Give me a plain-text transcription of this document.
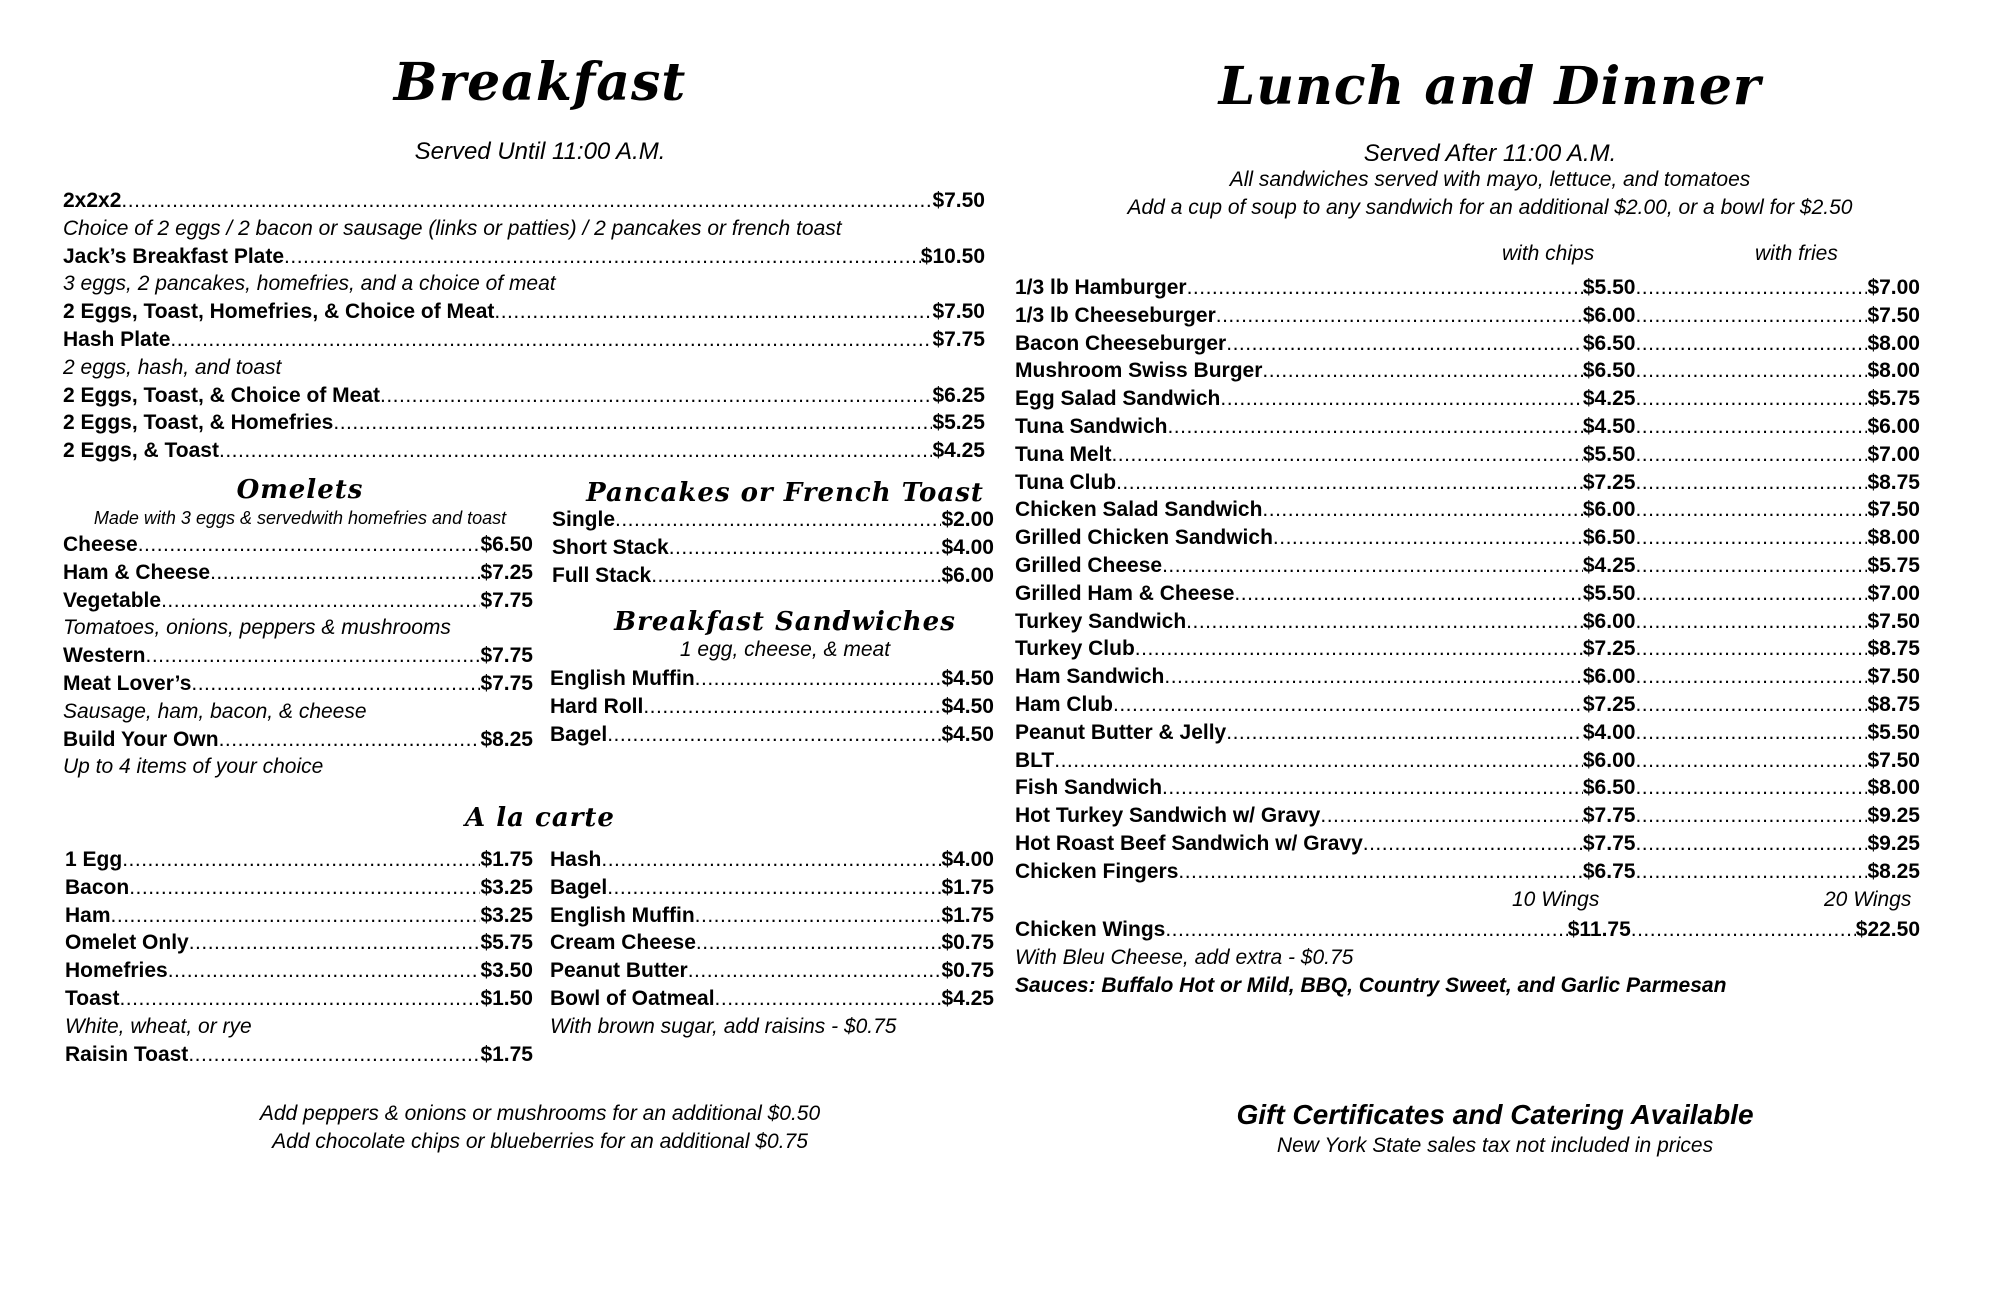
Breakfast
Served Until 11:00 A.M.
2x2x2 .....	$7.50
Choice of 2 eggs / 2 bacon or sausage (links or patties) / 2 pancakes or french toast
Jack’s Breakfast Plate .....	$10.50
3 eggs, 2 pancakes, homefries, and a choice of meat
2 Eggs, Toast, Homefries, & Choice of Meat .....	$7.50
Hash Plate .....	$7.75
2 eggs, hash, and toast
2 Eggs, Toast, & Choice of Meat .....	$6.25
2 Eggs, Toast, & Homefries .....	$5.25
2 Eggs, & Toast .....	$4.25
Omelets
Made with 3 eggs & servedwith homefries and toast
Cheese .....	$6.50
Ham & Cheese .....	$7.25
Vegetable .....	$7.75
Tomatoes, onions, peppers & mushrooms
Western .....	$7.75
Meat Lover’s .....	$7.75
Sausage, ham, bacon, & cheese
Build Your Own .....	$8.25
Up to 4 items of your choice
Pancakes or French Toast
Single .....	$2.00
Short Stack .....	$4.00
Full Stack .....	$6.00
Breakfast Sandwiches
1 egg, cheese, & meat
English Muffin .....	$4.50
Hard Roll .....	$4.50
Bagel .....	$4.50
A la carte
1 Egg .....	$1.75
Bacon .....	$3.25
Ham .....	$3.25
Omelet Only .....	$5.75
Homefries .....	$3.50
Toast .....	$1.50
White, wheat, or rye
Raisin Toast .....	$1.75
Hash .....	$4.00
Bagel .....	$1.75
English Muffin .....	$1.75
Cream Cheese .....	$0.75
Peanut Butter .....	$0.75
Bowl of Oatmeal .....	$4.25
With brown sugar, add raisins - $0.75
Add peppers & onions or mushrooms for an additional $0.50
Add chocolate chips or blueberries for an additional $0.75
Lunch and Dinner
Served After 11:00 A.M.
All sandwiches served with mayo, lettuce, and tomatoes
Add a cup of soup to any sandwich for an additional $2.00, or a bowl for $2.50
with chips	with fries
1/3 lb Hamburger .....	$5.50 .....	$7.00
1/3 lb Cheeseburger .....	$6.00 .....	$7.50
Bacon Cheeseburger .....	$6.50 .....	$8.00
Mushroom Swiss Burger .....	$6.50 .....	$8.00
Egg Salad Sandwich .....	$4.25 .....	$5.75
Tuna Sandwich .....	$4.50 .....	$6.00
Tuna Melt .....	$5.50 .....	$7.00
Tuna Club .....	$7.25 .....	$8.75
Chicken Salad Sandwich .....	$6.00 .....	$7.50
Grilled Chicken Sandwich .....	$6.50 .....	$8.00
Grilled Cheese .....	$4.25 .....	$5.75
Grilled Ham & Cheese .....	$5.50 .....	$7.00
Turkey Sandwich .....	$6.00 .....	$7.50
Turkey Club .....	$7.25 .....	$8.75
Ham Sandwich .....	$6.00 .....	$7.50
Ham Club .....	$7.25 .....	$8.75
Peanut Butter & Jelly .....	$4.00 .....	$5.50
BLT .....	$6.00 .....	$7.50
Fish Sandwich .....	$6.50 .....	$8.00
Hot Turkey Sandwich w/ Gravy .....	$7.75 .....	$9.25
Hot Roast Beef Sandwich w/ Gravy .....	$7.75 .....	$9.25
Chicken Fingers .....	$6.75 .....	$8.25
10 Wings	20 Wings
Chicken Wings .....	$11.75 .....	$22.50
With Bleu Cheese, add extra - $0.75
Sauces: Buffalo Hot or Mild, BBQ, Country Sweet, and Garlic Parmesan
Gift Certificates and Catering Available
New York State sales tax not included in prices
